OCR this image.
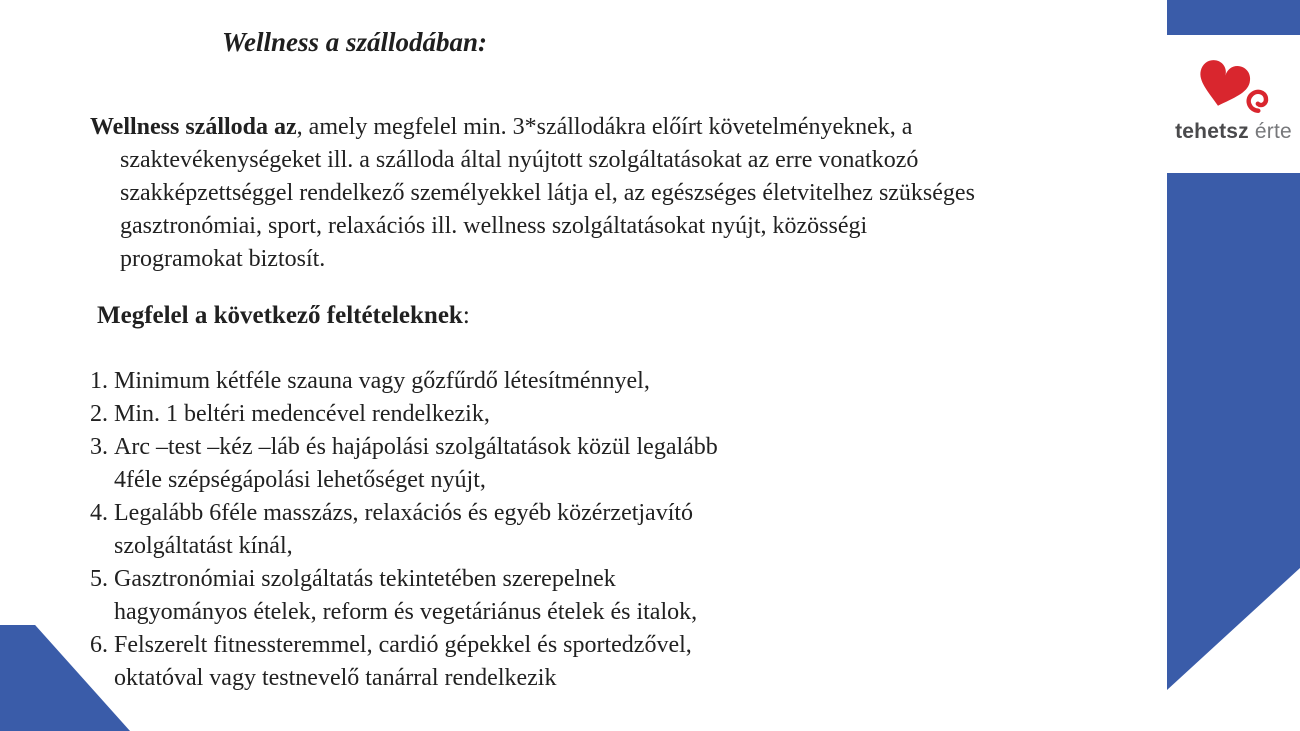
tehetsz érte
Wellness a szállodában:
Wellness szálloda az, amely megfelel min. 3*szállodákra előírt követelményeknek, a
szaktevékenységeket ill. a szálloda által nyújtott szolgáltatásokat az erre vonatkozó
szakképzettséggel rendelkező személyekkel látja el, az egészséges életvitelhez szükséges
gasztronómiai, sport, relaxációs ill. wellness szolgáltatásokat nyújt, közösségi
programokat biztosít.
Megfelel a következő feltételeknek:
1. Minimum kétféle szauna vagy gőzfűrdő létesítménnyel,
2. Min. 1 beltéri medencével rendelkezik,
3. Arc –test –kéz –láb és hajápolási szolgáltatások közül legalább
4féle szépségápolási lehetőséget nyújt,
4. Legalább 6féle masszázs, relaxációs és egyéb közérzetjavító
szolgáltatást kínál,
5. Gasztronómiai szolgáltatás tekintetében szerepelnek
hagyományos ételek, reform és vegetáriánus ételek és italok,
6. Felszerelt fitnessteremmel, cardió gépekkel és sportedzővel,
oktatóval vagy testnevelő tanárral rendelkezik
